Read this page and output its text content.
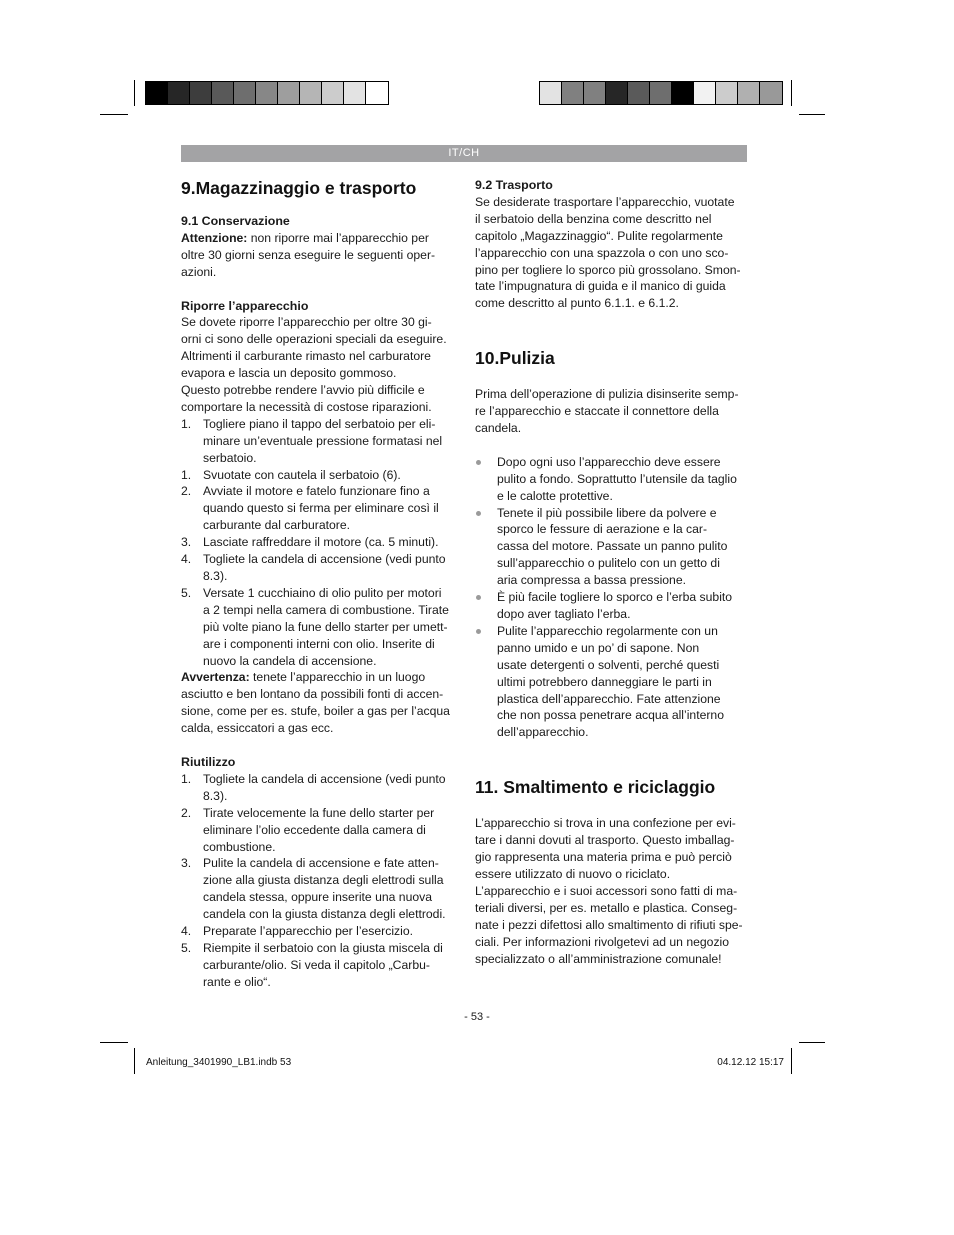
IT/CH
9.Magazzinaggio e trasporto
9.1 Conservazione

Attenzione: non riporre mai l’apparecchio per

oltre 30 giorni senza eseguire le seguenti oper-

azioni.

Riporre l’apparecchio

Se dovete riporre l’apparecchio per oltre 30 gi-

orni ci sono delle operazioni speciali da eseguire.

Altrimenti il carburante rimasto nel carburatore

evapora e lascia un deposito gommoso.

Questo potrebbe rendere l’avvio più difficile e

comportare la necessità di costose riparazioni.

1. Togliere piano il tappo del serbatoio per eli-
minare un’eventuale pressione formatasi nel
serbatoio.
1. Svuotate con cautela il serbatoio (6).
2. Avviate il motore e fatelo funzionare fino a
quando questo si ferma per eliminare così il
carburante dal carburatore.
3. Lasciate raffreddare il motore (ca. 5 minuti).
4. Togliete la candela di accensione (vedi punto
8.3).
5. Versate 1 cucchiaino di olio pulito per motori
a 2 tempi nella camera di combustione. Tirate
più volte piano la fune dello starter per umett-
are i componenti interni con olio. Inserite di
nuovo la candela di accensione.

Avvertenza: tenete l’apparecchio in un luogo

asciutto e ben lontano da possibili fonti di accen-

sione, come per es. stufe, boiler a gas per l’acqua

calda, essiccatori a gas ecc.

Riutilizzo
1. Togliete la candela di accensione (vedi punto
8.3).
2. Tirate velocemente la fune dello starter per
eliminare l’olio eccedente dalla camera di
combustione.
3. Pulite la candela di accensione e fate atten-
zione alla giusta distanza degli elettrodi sulla
candela stessa, oppure inserite una nuova
candela con la giusta distanza degli elettrodi.
4. Preparate l’apparecchio per l’esercizio.
5. Riempite il serbatoio con la giusta miscela di
carburante/olio. Si veda il capitolo „Carbu-
rante e olio“.
9.2 Trasporto

Se desiderate trasportare l’apparecchio, vuotate

il serbatoio della benzina come descritto nel

capitolo „Magazzinaggio“. Pulite regolarmente

l’apparecchio con una spazzola o con uno sco-

pino per togliere lo sporco più grossolano. Smon-

tate l’impugnatura di guida e il manico di guida

come descritto al punto 6.1.1. e 6.1.2.

10.Pulizia

Prima dell’operazione di pulizia disinserite semp-

re l’apparecchio e staccate il connettore della

candela.

Dopo ogni uso l’apparecchio deve essere
pulito a fondo. Soprattutto l’utensile da taglio
e le calotte protettive.
Tenete il più possibile libere da polvere e
sporco le fessure di aerazione e la car-
cassa del motore. Passate un panno pulito
sull’apparecchio o pulitelo con un getto di
aria compressa a bassa pressione.
È più facile togliere lo sporco e l’erba subito
dopo aver tagliato l’erba.
Pulite l’apparecchio regolarmente con un
panno umido e un po’ di sapone. Non
usate detergenti o solventi, perché questi
ultimi potrebbero danneggiare le parti in
plastica dell’apparecchio. Fate attenzione
che non possa penetrare acqua all’interno
dell’apparecchio.
11. Smaltimento e riciclaggio

L’apparecchio si trova in una confezione per evi-

tare i danni dovuti al trasporto. Questo imballag-

gio rappresenta una materia prima e può perciò

essere utilizzato di nuovo o riciclato.

L’apparecchio e i suoi accessori sono fatti di ma-

teriali diversi, per es. metallo e plastica. Conseg-

nate i pezzi difettosi allo smaltimento di rifiuti spe-

ciali. Per informazioni rivolgetevi ad un negozio

specializzato o all’amministrazione comunale!

- 53 -
Anleitung_3401990_LB1.indb 53	04.12.12 15:17
